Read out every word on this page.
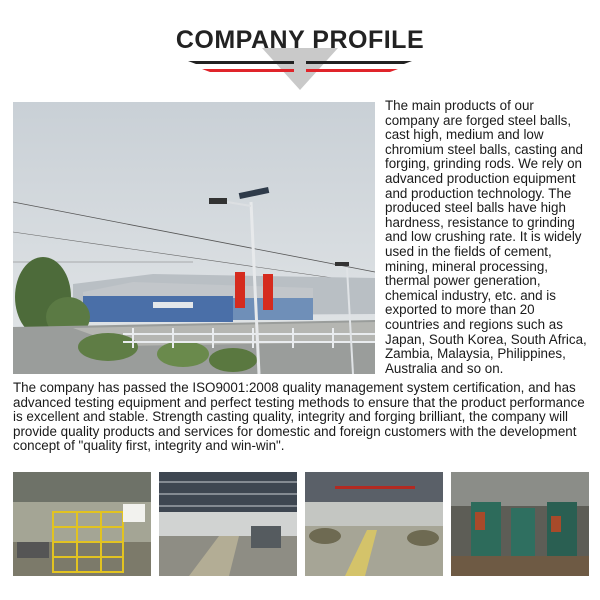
COMPANY PROFILE
The main products of our company are forged steel balls, cast high, medium and low chromium steel balls, casting and forging, grinding rods. We rely on advanced production equipment and production technology. The produced steel balls have high hardness, resistance to grinding and low crushing rate. It is widely used in the fields of cement, mining, mineral processing, thermal power generation, chemical industry, etc. and is exported to more than 20 countries and regions such as Japan, South Korea, South Africa, Zambia, Malaysia, Philippines, Australia and so on.
The company has passed the ISO9001:2008 quality management system certification, and has advanced testing equipment and perfect testing methods to ensure that the product performance is excellent and stable. Strength casting quality, integrity and forging brilliant, the company will provide quality products and services for domestic and foreign customers with the development concept of "quality first, integrity and win-win".
